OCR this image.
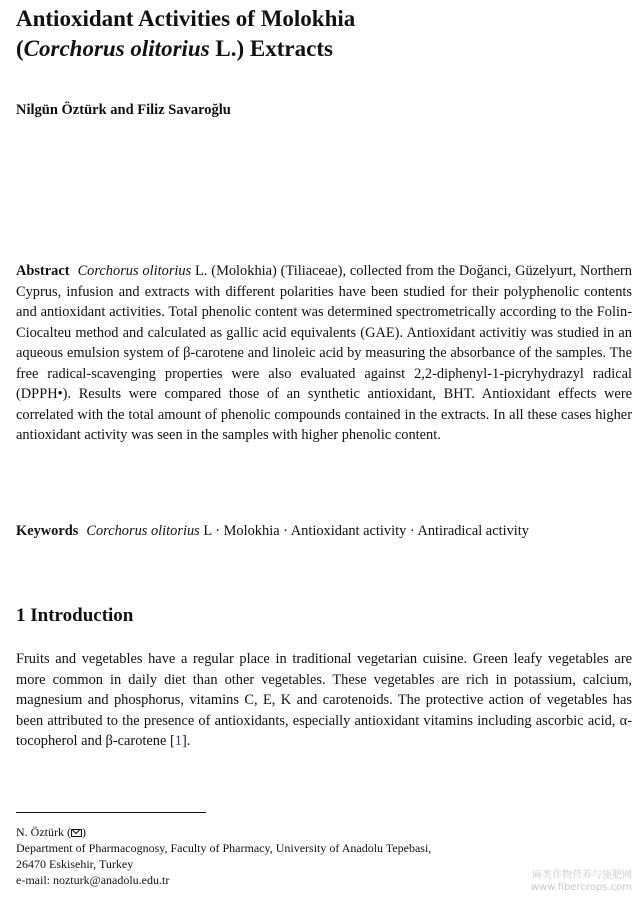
Antioxidant Activities of Molokhia
(Corchorus olitorius L.) Extracts

Nilgün Öztürk and Filiz Savaroğlu

Abstract Corchorus olitorius L. (Molokhia) (Tiliaceae), collected from the Doğanci, Güzelyurt, Northern Cyprus, infusion and extracts with different polarities have been studied for their polyphenolic contents and antioxidant activities. Total phenolic content was determined spectrometrically according to the Folin-Ciocalteu method and calculated as gallic acid equivalents (GAE). Antioxidant activitiy was studied in an aqueous emulsion system of β-carotene and linoleic acid by measuring the absorbance of the samples. The free radical-scavenging properties were also evaluated against 2,2-diphenyl-1-picryhydrazyl radical (DPPH•). Results were compared those of an synthetic antioxidant, BHT. Antioxidant effects were correlated with the total amount of phenolic compounds contained in the extracts. In all these cases higher antioxidant activity was seen in the samples with higher phenolic content.

Keywords Corchorus olitorius L · Molokhia · Antioxidant activity · Antiradical activity

1 Introduction

Fruits and vegetables have a regular place in traditional vegetarian cuisine. Green leafy vegetables are more common in daily diet than other vegetables. These vegetables are rich in potassium, calcium, magnesium and phosphorus, vitamins C, E, K and carotenoids. The protective action of vegetables has been attributed to the presence of antioxidants, especially antioxidant vitamins including ascorbic acid, α-tocopherol and β-carotene [1].

N. Öztürk ( )
Department of Pharmacognosy, Faculty of Pharmacy, University of Anadolu Tepebasi,
26470 Eskisehir, Turkey
e-mail: nozturk@anadolu.edu.tr	麻类作物营养与施肥网
www.fibercrops.com
